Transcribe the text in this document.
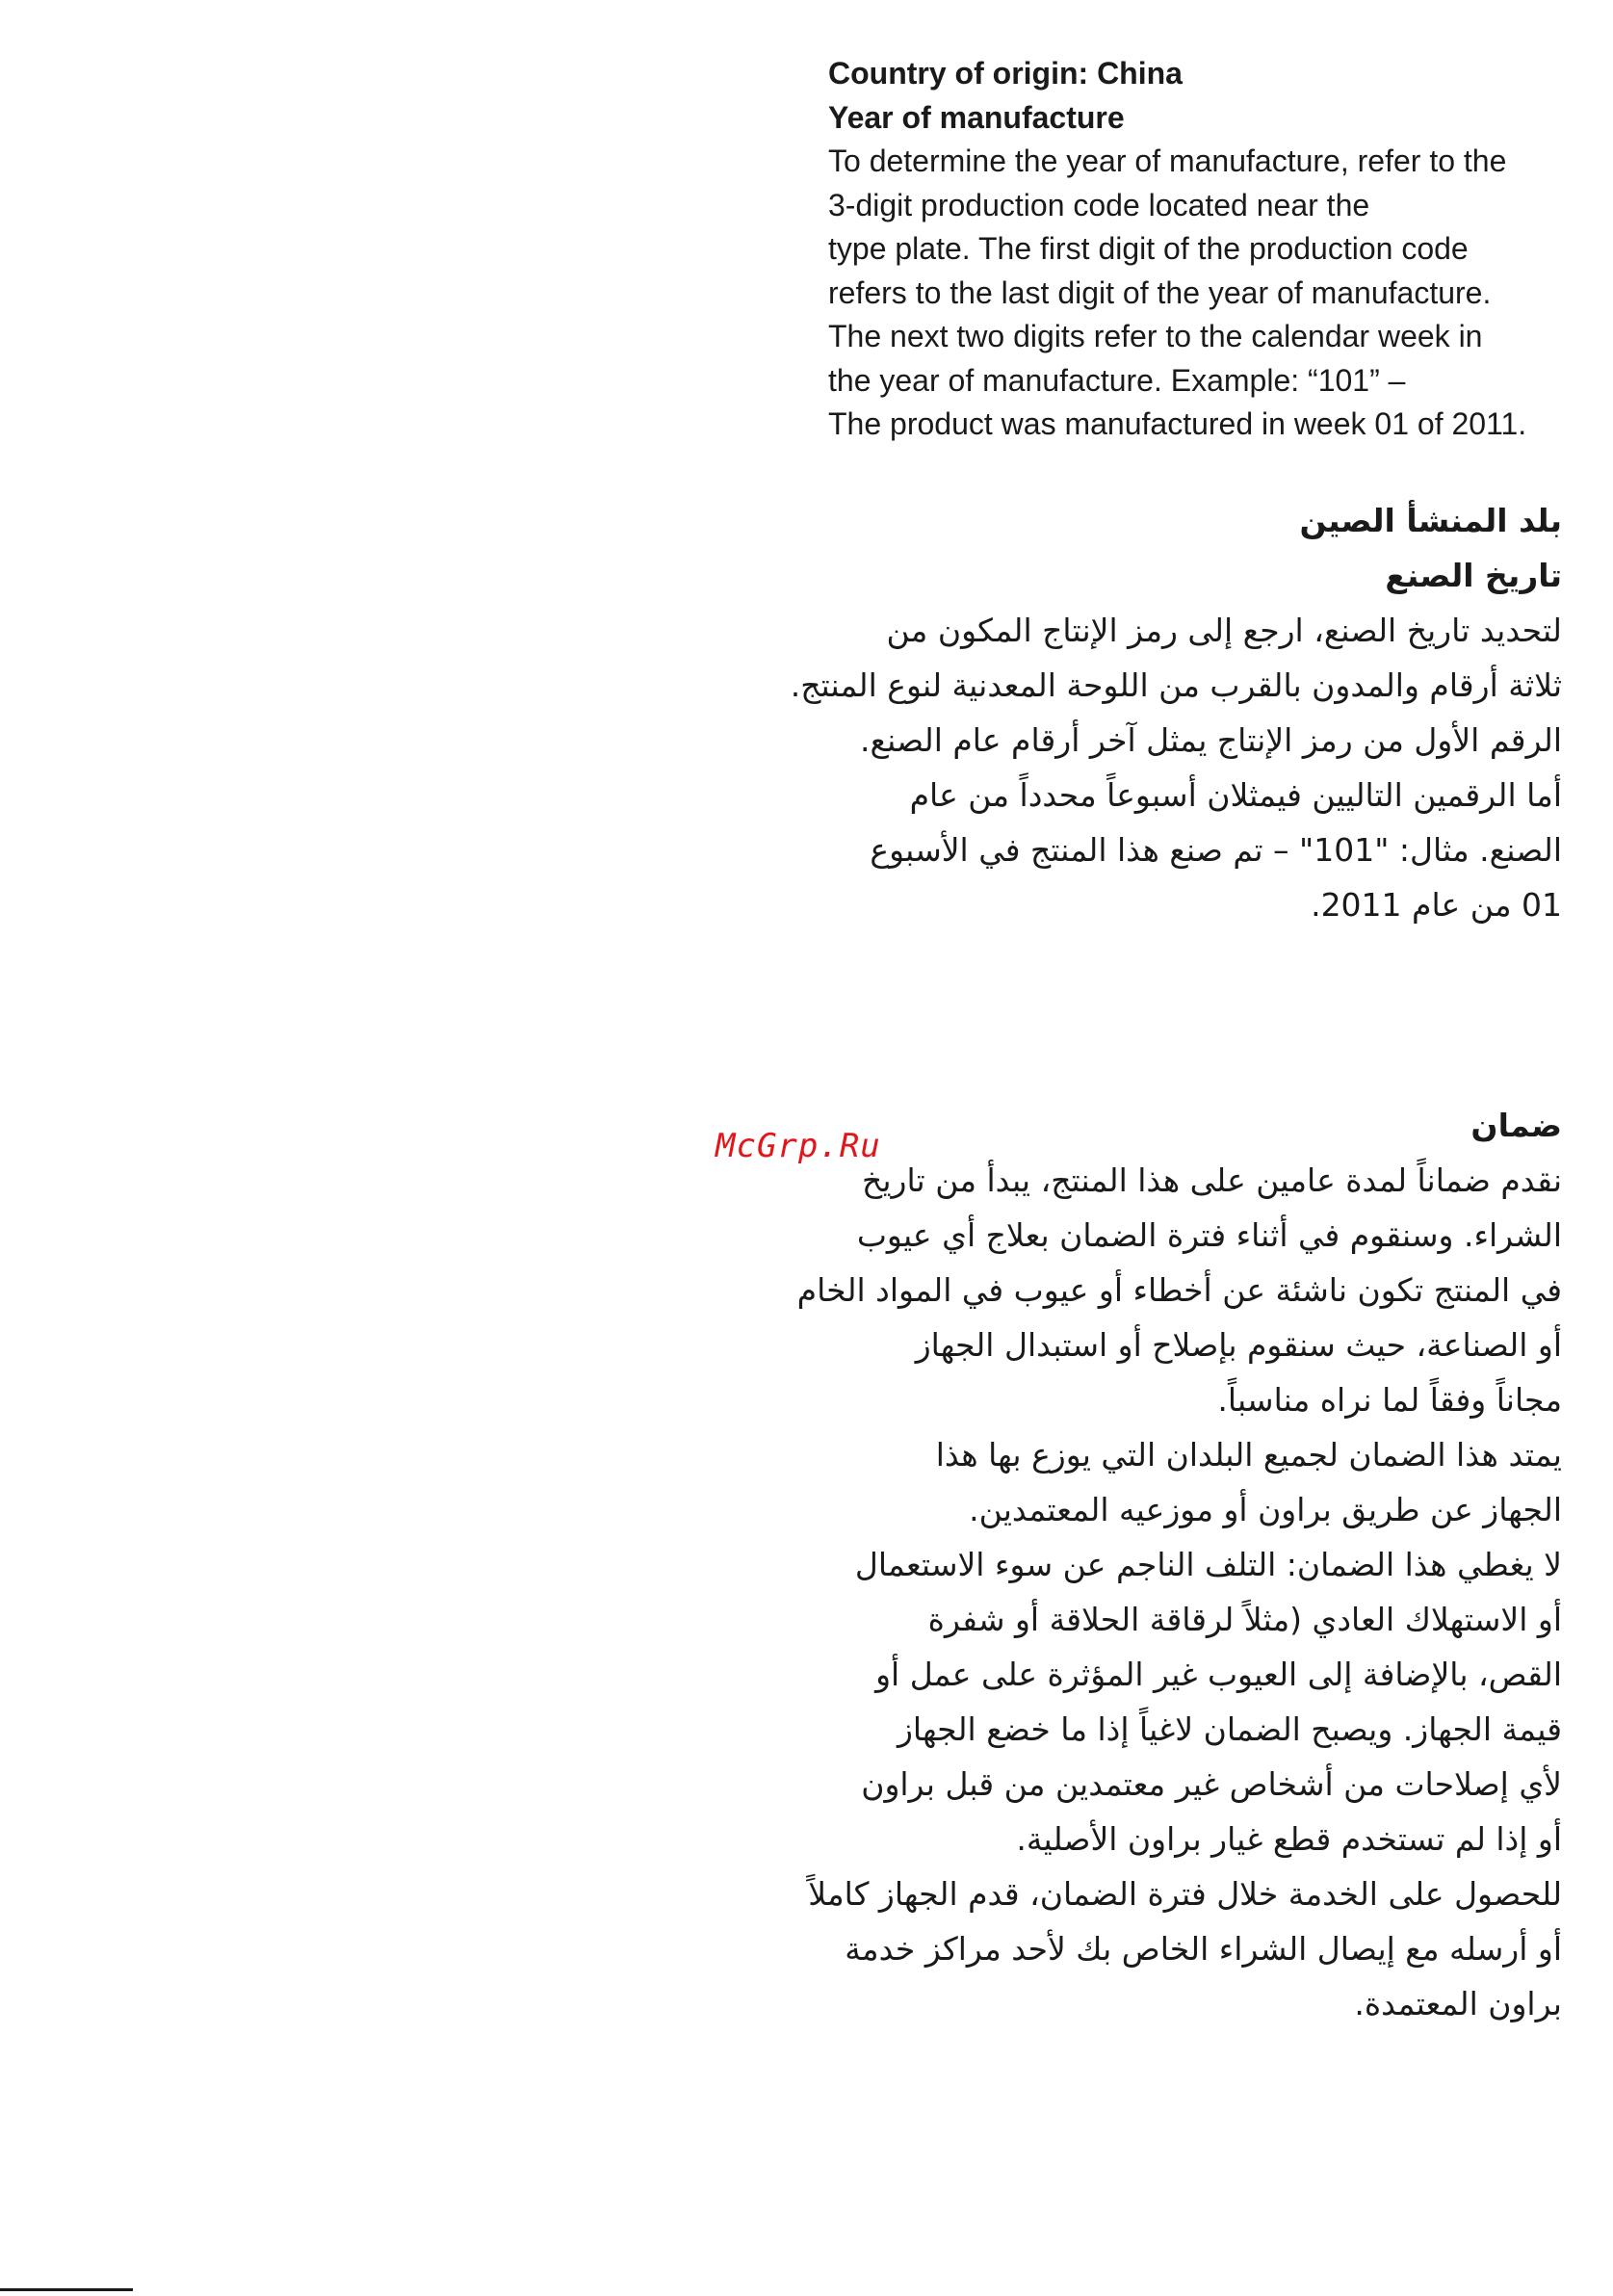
Country of origin: China
Year of manufacture
To determine the year of manufacture, refer to the
3-digit production code located near the
type plate. The first digit of the production code
refers to the last digit of the year of manufacture.
The next two digits refer to the calendar week in
the year of manufacture. Example: “101” –
The product was manufactured in week 01 of 2011.
بلد المنشأ الصين
تاريخ الصنع
لتحديد تاريخ الصنع، ارجع إلى رمز الإنتاج المكون من
ثلاثة أرقام والمدون بالقرب من اللوحة المعدنية لنوع المنتج.
الرقم الأول من رمز الإنتاج يمثل آخر أرقام عام الصنع.
أما الرقمين التاليين فيمثلان أسبوعاً محدداً من عام
الصنع. مثال: "101" – تم صنع هذا المنتج في الأسبوع
01 من عام 2011.
ضمان
نقدم ضماناً لمدة عامين على هذا المنتج، يبدأ من تاريخ
الشراء. وسنقوم في أثناء فترة الضمان بعلاج أي عيوب
في المنتج تكون ناشئة عن أخطاء أو عيوب في المواد الخام
أو الصناعة، حيث سنقوم بإصلاح أو استبدال الجهاز
مجاناً وفقاً لما نراه مناسباً.
يمتد هذا الضمان لجميع البلدان التي يوزع بها هذا
الجهاز عن طريق براون أو موزعيه المعتمدين.
لا يغطي هذا الضمان: التلف الناجم عن سوء الاستعمال
أو الاستهلاك العادي (مثلاً لرقاقة الحلاقة أو شفرة
القص، بالإضافة إلى العيوب غير المؤثرة على عمل أو
قيمة الجهاز. ويصبح الضمان لاغياً إذا ما خضع الجهاز
لأي إصلاحات من أشخاص غير معتمدين من قبل براون
أو إذا لم تستخدم قطع غيار براون الأصلية.
للحصول على الخدمة خلال فترة الضمان، قدم الجهاز كاملاً
أو أرسله مع إيصال الشراء الخاص بك لأحد مراكز خدمة
براون المعتمدة.
McGrp.Ru
